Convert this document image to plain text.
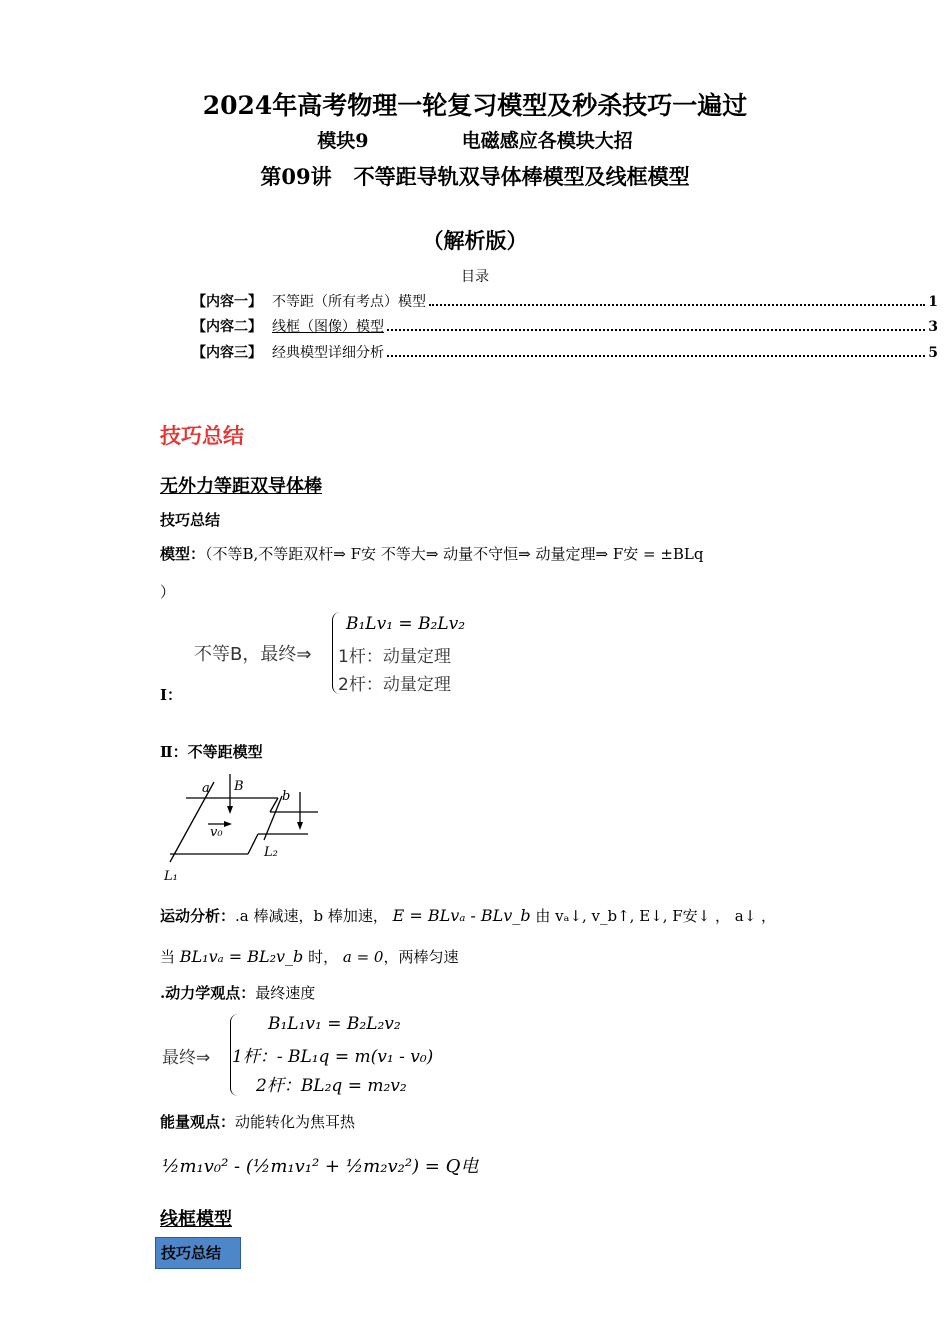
2024年高考物理一轮复习模型及秒杀技巧一遍过
模块9	电磁感应各模块大招
第09讲   不等距导轨双导体棒模型及线框模型
（解析版）
目录
【内容一】 不等距（所有考点）模型	1
【内容二】 线框（图像）模型	3
【内容三】 经典模型详细分析	5
技巧总结
无外力等距双导体棒
技巧总结
模型：（不等B,不等距双杆⇒ F安 不等大⇒ 动量不守恒⇒ 动量定理⇒ F安 = ±BLq
）
不等B，最终⇒
B₁Lv₁ = B₂Lv₂
1杆：动量定理
2杆：动量定理
Ⅰ：
Ⅱ：不等距模型
a B
b
v₀
L₂
L₁
运动分析：.a 棒减速，b 棒加速， E = BLvₐ - BLv_b 由 vₐ↓, v_b↑, E↓, F安↓ ， a↓ ，
当 BL₁vₐ = BL₂v_b 时， a = 0，两棒匀速
.动力学观点：最终速度
最终⇒
B₁L₁v₁ = B₂L₂v₂
1杆：- BL₁q = m(v₁ - v₀)
2杆：BL₂q = m₂v₂
能量观点：动能转化为焦耳热
½m₁v₀² - (½m₁v₁² + ½m₂v₂²) = Q电
线框模型
技巧总结
